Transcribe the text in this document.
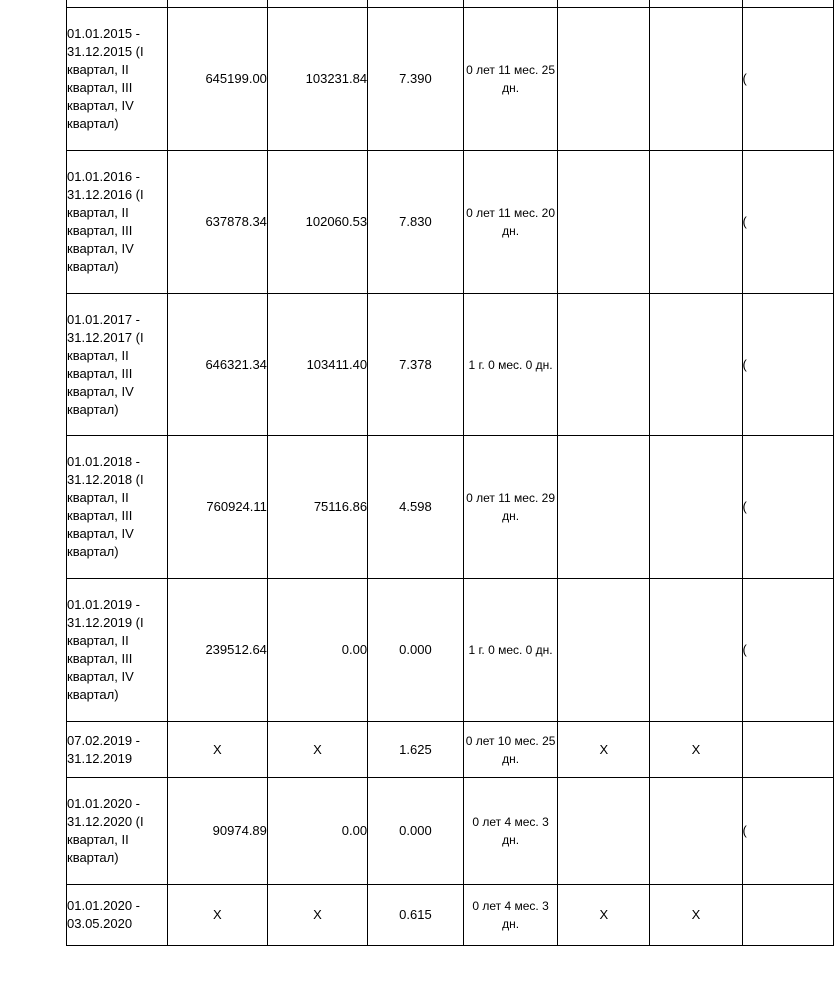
01.01.2015 - 31.12.2015 (I квартал, II квартал, III квартал, IV квартал)	645199.00	103231.84	7.390	0 лет 11 мес. 25 дн.			(
01.01.2016 - 31.12.2016 (I квартал, II квартал, III квартал, IV квартал)	637878.34	102060.53	7.830	0 лет 11 мес. 20 дн.			(
01.01.2017 - 31.12.2017 (I квартал, II квартал, III квартал, IV квартал)	646321.34	103411.40	7.378	1 г. 0 мес. 0 дн.			(
01.01.2018 - 31.12.2018 (I квартал, II квартал, III квартал, IV квартал)	760924.11	75116.86	4.598	0 лет 11 мес. 29 дн.			(
01.01.2019 - 31.12.2019 (I квартал, II квартал, III квартал, IV квартал)	239512.64	0.00	0.000	1 г. 0 мес. 0 дн.			(
07.02.2019 - 31.12.2019	X	X	1.625	0 лет 10 мес. 25 дн.	X	X	
01.01.2020 - 31.12.2020 (I квартал, II квартал)	90974.89	0.00	0.000	0 лет 4 мес. 3 дн.			(
01.01.2020 - 03.05.2020	X	X	0.615	0 лет 4 мес. 3 дн.	X	X	
